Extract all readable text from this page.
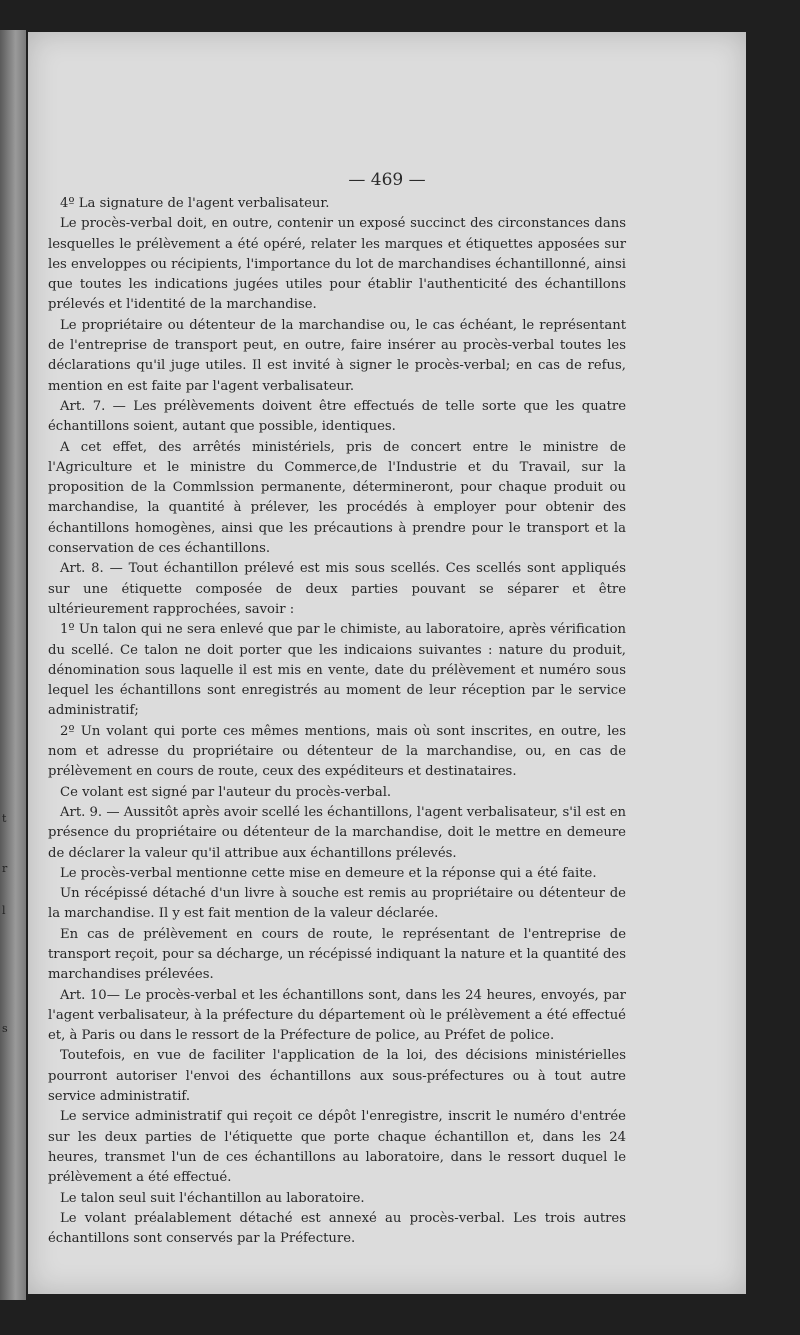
t
r
l
s
— 469 —

4º La signature de l'agent verbalisateur.

Le procès-verbal doit, en outre, contenir un exposé succinct des circonstances dans lesquelles le prélèvement a été opéré, relater les marques et étiquettes apposées sur les enveloppes ou récipients, l'importance du lot de marchandises échantillonné, ainsi que toutes les indications jugées utiles pour établir l'authenticité des échantillons prélevés et l'identité de la marchandise.

Le propriétaire ou détenteur de la marchandise ou, le cas échéant, le représentant de l'entreprise de transport peut, en outre, faire insérer au procès-verbal toutes les déclarations qu'il juge utiles. Il est invité à signer le procès-verbal; en cas de refus, mention en est faite par l'agent verbalisateur.

Art. 7. — Les prélèvements doivent être effectués de telle sorte que les quatre échantillons soient, autant que possible, identiques.

A cet effet, des arrêtés ministériels, pris de concert entre le ministre de l'Agriculture et le ministre du Commerce,de l'Industrie et du Travail, sur la proposition de la Commlssion permanente, détermineront, pour chaque produit ou marchandise, la quantité à prélever, les procédés à employer pour obtenir des échantillons homogènes, ainsi que les précautions à prendre pour le transport et la conservation de ces échantillons.

Art. 8. — Tout échantillon prélevé est mis sous scellés. Ces scellés sont appliqués sur une étiquette composée de deux parties pouvant se séparer et être ultérieurement rapprochées, savoir :

1º Un talon qui ne sera enlevé que par le chimiste, au laboratoire, après vérification du scellé. Ce talon ne doit porter que les indicaions suivantes : nature du produit, dénomination sous laquelle il est mis en vente, date du prélèvement et numéro sous lequel les échantillons sont enregistrés au moment de leur réception par le service administratif;

2º Un volant qui porte ces mêmes mentions, mais où sont inscrites, en outre, les nom et adresse du propriétaire ou détenteur de la marchandise, ou, en cas de prélèvement en cours de route, ceux des expéditeurs et destinataires.

Ce volant est signé par l'auteur du procès-verbal.

Art. 9. — Aussitôt après avoir scellé les échantillons, l'agent verbalisateur, s'il est en présence du propriétaire ou détenteur de la marchandise, doit le mettre en demeure de déclarer la valeur qu'il attribue aux échantillons prélevés.

Le procès-verbal mentionne cette mise en demeure et la réponse qui a été faite.

Un récépissé détaché d'un livre à souche est remis au propriétaire ou détenteur de la marchandise. Il y est fait mention de la valeur déclarée.

En cas de prélèvement en cours de route, le représentant de l'entreprise de transport reçoit, pour sa décharge, un récépissé indiquant la nature et la quantité des marchandises prélevées.

Art. 10— Le procès-verbal et les échantillons sont, dans les 24 heures, envoyés, par l'agent verbalisateur, à la préfecture du département où le prélèvement a été effectué et, à Paris ou dans le ressort de la Préfecture de police, au Préfet de police.

Toutefois, en vue de faciliter l'application de la loi, des décisions ministérielles pourront autoriser l'envoi des échantillons aux sous-préfectures ou à tout autre service administratif.

Le service administratif qui reçoit ce dépôt l'enregistre, inscrit le numéro d'entrée sur les deux parties de l'étiquette que porte chaque échantillon et, dans les 24 heures, transmet l'un de ces échantillons au laboratoire, dans le ressort duquel le prélèvement a été effectué.

Le talon seul suit l'échantillon au laboratoire.

Le volant préalablement détaché est annexé au procès-verbal. Les trois autres échantillons sont conservés par la Préfecture.
